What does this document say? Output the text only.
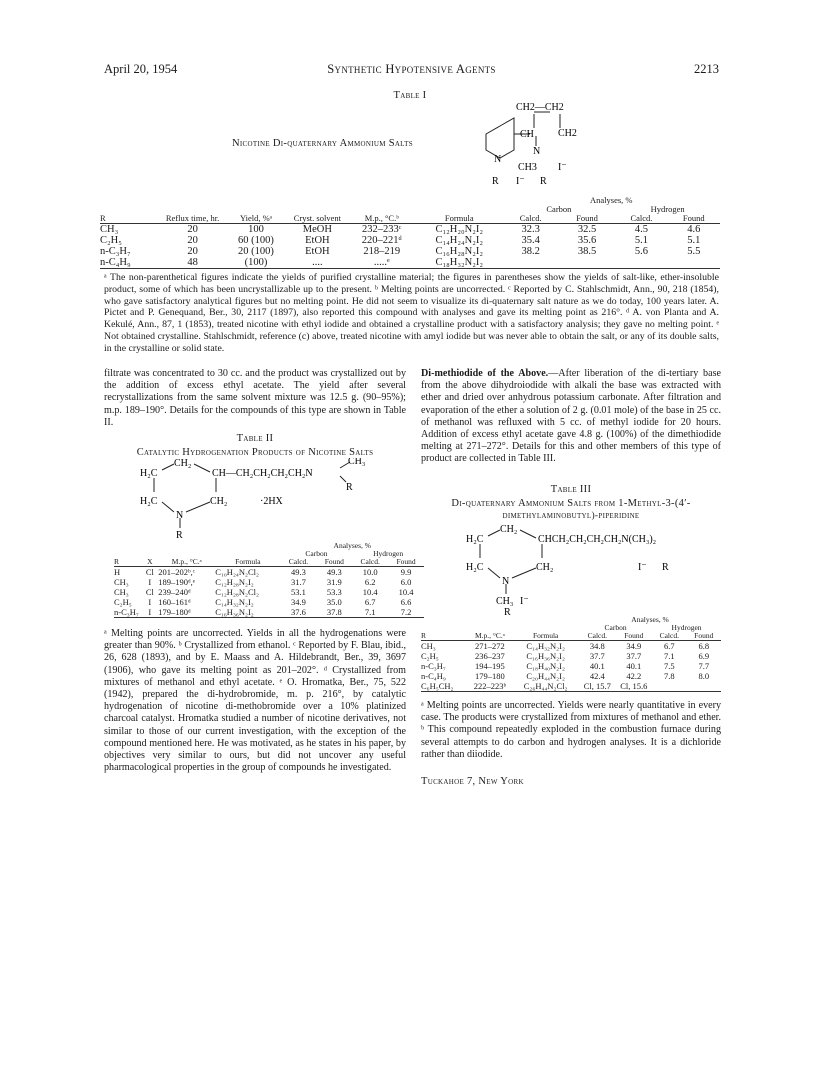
April 20, 1954	Synthetic Hypotensive Agents	2213
Table I
Nicotine Di-quaternary Ammonium Salts
CH2—CH2
CH CH2
N
N
CH3 I⁻
I⁻
R	R
						Analyses, %			
						Carbon		Hydrogen	
R	Reflux time, hr.	Yield, %ᵃ	Cryst. solvent	M.p., °C.ᵇ	Formula	Calcd.	Found	Calcd.	Found
CH₃	20	100	MeOH	232–233ᶜ	C₁₂H₂₀N₂I₂	32.3	32.5	4.5	4.6
C₂H₅	20	60 (100)	EtOH	220–221ᵈ	C₁₄H₂₄N₂I₂	35.4	35.6	5.1	5.1
n-C₃H₇	20	20 (100)	EtOH	218–219	C₁₆H₂₈N₂I₂	38.2	38.5	5.6	5.5
n-C₄H₉	48	(100)	....	.....ᵉ	C₁₈H₃₂N₂I₂				
ᵃ The non-parenthetical figures indicate the yields of purified crystalline material; the figures in parentheses show the yields of salt-like, ether-insoluble product, some of which has been uncrystallizable up to the present. ᵇ Melting points are uncorrected. ᶜ Reported by C. Stahlschmidt, Ann., 90, 218 (1854), who gave satisfactory analytical figures but no melting point. He did not seem to visualize its di-quaternary salt nature as we do today, 100 years later. A. Pictet and P. Genequand, Ber., 30, 2117 (1897), also reported this compound with analyses and gave its melting point as 216°. ᵈ A. von Planta and A. Kekulé, Ann., 87, 1 (1853), treated nicotine with ethyl iodide and obtained a crystalline product with a satisfactory analysis; they gave no melting point. ᵉ Not obtained crystalline. Stahlschmidt, reference (c) above, treated nicotine with amyl iodide but was never able to obtain the salt, or any of its double salts, in the crystalline or solid state.
filtrate was concentrated to 30 cc. and the product was crystallized out by the addition of excess ethyl acetate. The yield after several recrystallizations from the same solvent mixture was 12.5 g. (90–95%); m.p. 189–190°. Details for the compounds of this type are shown in Table II.
Table II
Catalytic Hydrogenation Products of Nicotine Salts
H₂C
CH₂
CH—CH₂CH₂CH₂CH₂N
CH₃
R
H₂C
N
CH₂	·2HX
R
				Analyses, %			
				Carbon		Hydrogen	
R	X	M.p., °C.ᵃ	Formula	Calcd.	Found	Calcd.	Found
H	Cl	201–202ᵇ,ᶜ	C₁₀H₂₄N₂Cl₂	49.3	49.3	10.0	9.9
CH₃	I	189–190ᵈ,ᵉ	C₁₂H₂₈N₂I₂	31.7	31.9	6.2	6.0
CH₃	Cl	239–240ᵈ	C₁₂H₂₈N₂Cl₂	53.1	53.3	10.4	10.4
C₂H₅	I	160–161ᵈ	C₁₄H₃₂N₂I₂	34.9	35.0	6.7	6.6
n-C₃H₇	I	179–180ᵈ	C₁₆H₃₆N₂I₂	37.6	37.8	7.1	7.2
ᵃ Melting points are uncorrected. Yields in all the hydrogenations were greater than 90%. ᵇ Crystallized from ethanol. ᶜ Reported by F. Blau, ibid., 26, 628 (1893), and by E. Maass and A. Hildebrandt, Ber., 39, 3697 (1906), who gave its melting point as 201–202°. ᵈ Crystallized from mixtures of methanol and ethyl acetate. ᵉ O. Hromatka, Ber., 75, 522 (1942), prepared the di-hydrobromide, m. p. 216°, by catalytic hydrogenation of nicotine di-methobromide over a 10% platinized charcoal catalyst. Hromatka studied a number of nicotine derivatives, not similar to those of our current investigation, with the exception of the compound mentioned here. He was motivated, as he states in his paper, by objectives very similar to ours, but did not uncover any useful pharmacological properties in the group of compounds he investigated.
Di-methiodide of the Above.—After liberation of the di-tertiary base from the above dihydroiodide with alkali the base was extracted with ether and dried over anhydrous potassium carbonate. After filtration and evaporation of the ether a solution of 2 g. (0.01 mole) of the base in 25 cc. of methanol was refluxed with 5 cc. of methyl iodide for 20 hours. Addition of excess ethyl acetate gave 4.8 g. (100%) of the dimethiodide melting at 271–272°. Details for this and other members of this type of product are collected in Table III.
Table III
Di-quaternary Ammonium Salts from 1-Methyl-3-(4′-
dimethylaminobutyl)-piperidine
H₂C
CH₂
CHCH₂CH₂CH₂CH₂N(CH₃)₂
H₂C
N
CH₂	I⁻ R
CH₃ I⁻
R
			Analyses, %			
			Carbon		Hydrogen	
R	M.p., °C.ᵃ	Formula	Calcd.	Found	Calcd.	Found
CH₃	271–272	C₁₄H₃₂N₂I₂	34.8	34.9	6.7	6.8
C₂H₅	236–237	C₁₆H₃₆N₂I₂	37.7	37.7	7.1	6.9
n-C₃H₇	194–195	C₁₈H₄₀N₂I₂	40.1	40.1	7.5	7.7
n-C₄H₉	179–180	C₂₀H₄₄N₂I₂	42.4	42.2	7.8	8.0
C₆H₅CH₂	222–223ᵇ	C₂₆H₄₄N₂Cl₂	Cl, 15.7	Cl, 15.6		
ᵃ Melting points are uncorrected. Yields were nearly quantitative in every case. The products were crystallized from mixtures of methanol and ether. ᵇ This compound repeatedly exploded in the combustion furnace during several attempts to do carbon and hydrogen analyses. It is a dichloride rather than diiodide.
Tuckahoe 7, New York
